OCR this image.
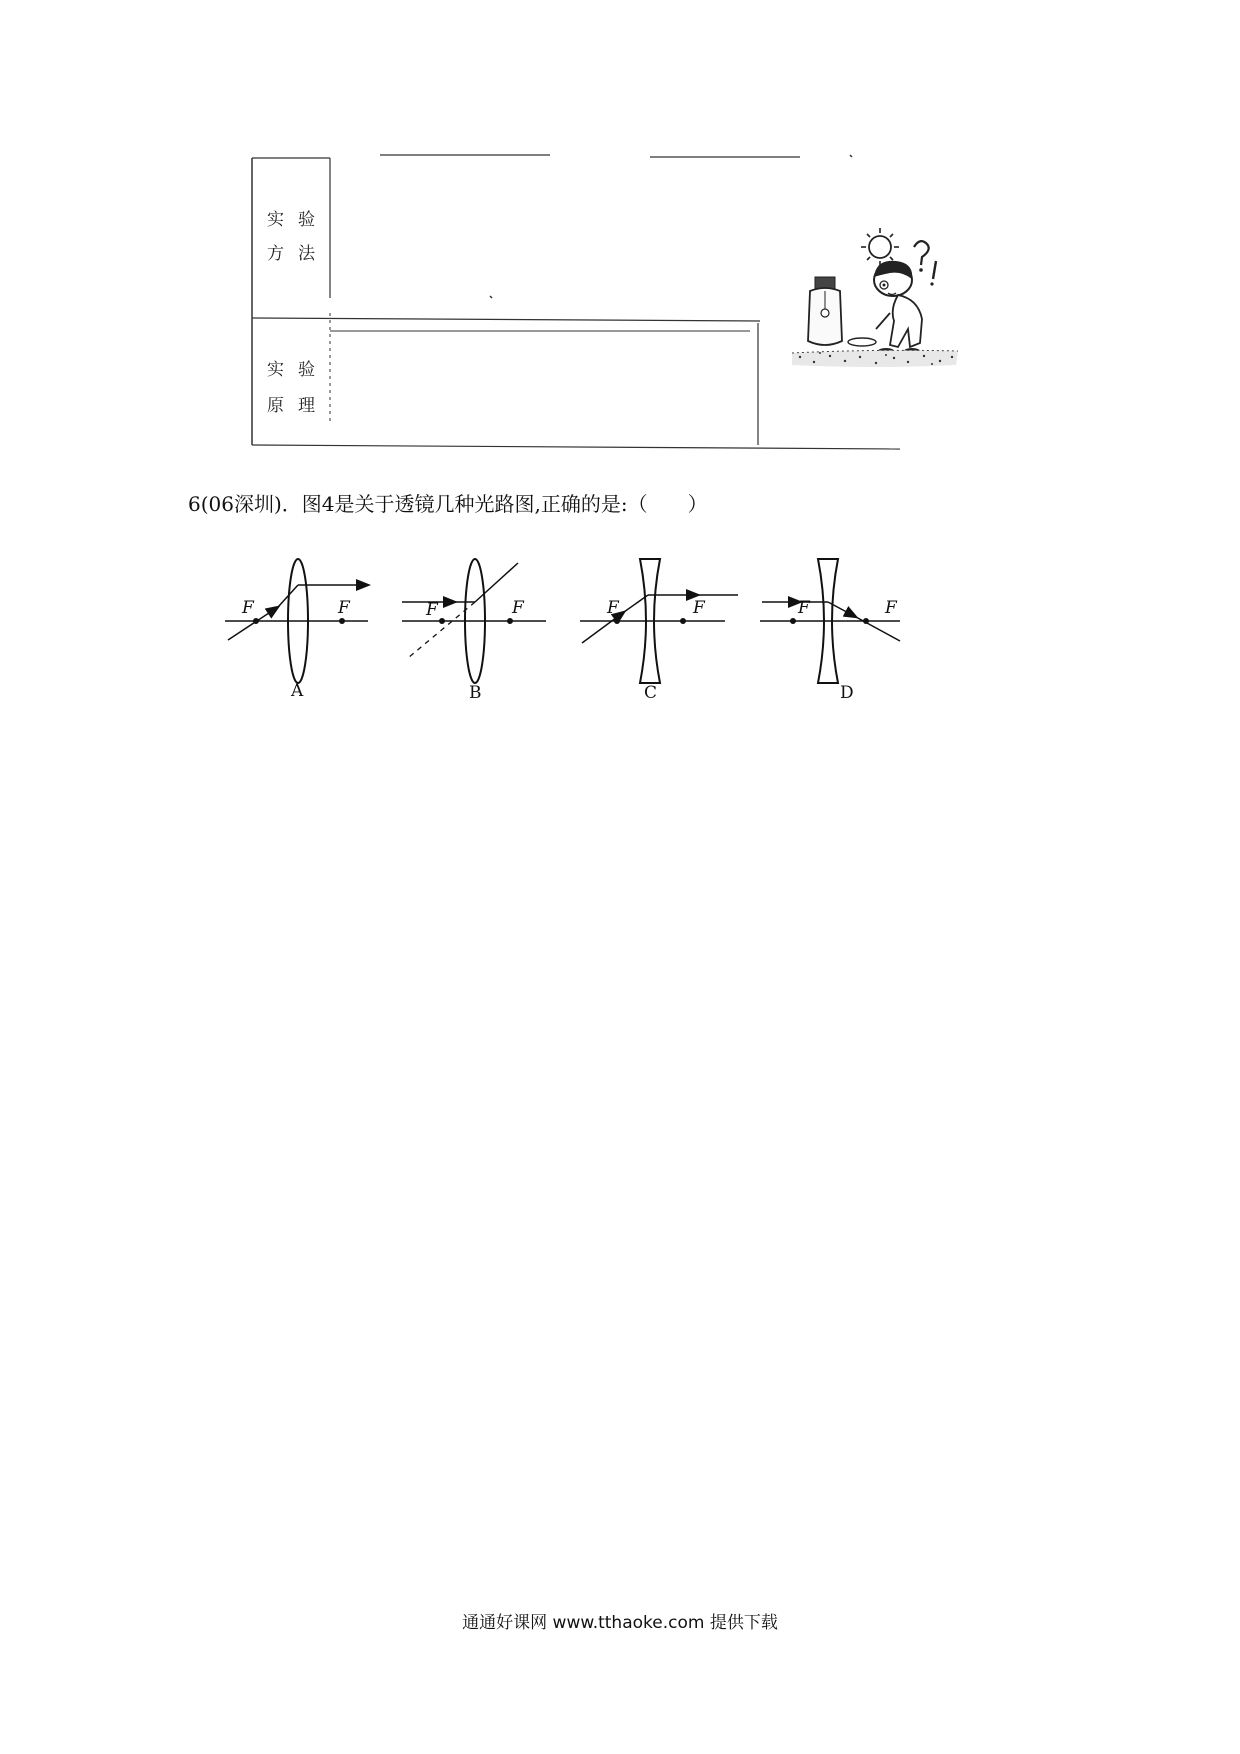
实验
方法
实验
原理
6(06深圳)．图4是关于透镜几种光路图,正确的是:（　　）
F	F	F	F	F	F	F	F
A	B	C	D
通通好课网 www.tthaoke.com 提供下载
